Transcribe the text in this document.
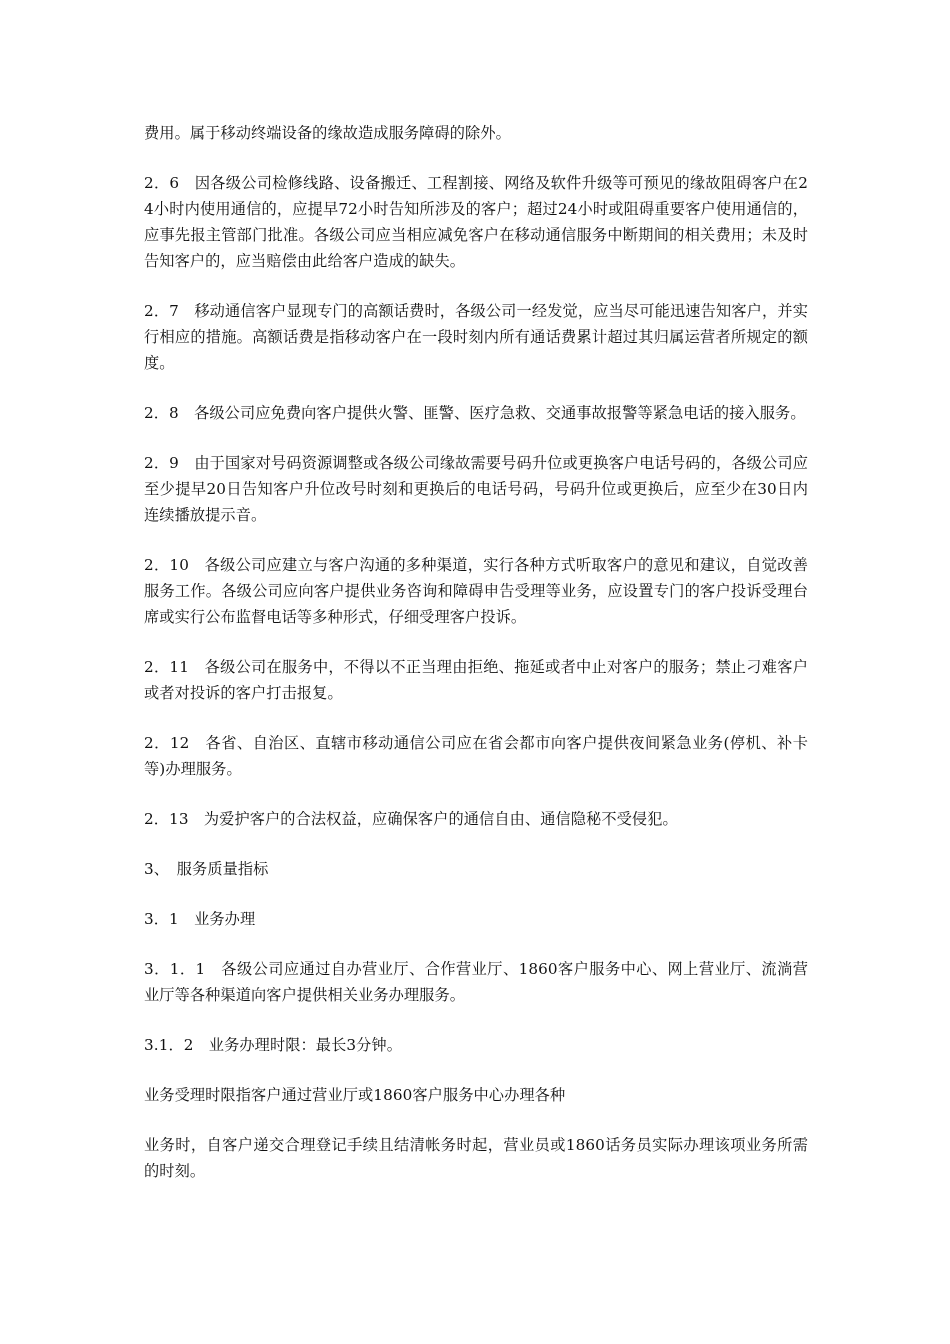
费用。属于移动终端设备的缘故造成服务障碍的除外。

2．6　因各级公司检修线路、设备搬迁、工程割接、网络及软件升级等可预见的缘故阻碍客户在24小时内使用通信的，应提早72小时告知所涉及的客户；超过24小时或阻碍重要客户使用通信的，应事先报主管部门批准。各级公司应当相应减免客户在移动通信服务中断期间的相关费用；未及时告知客户的，应当赔偿由此给客户造成的缺失。

2．7　移动通信客户显现专门的高额话费时，各级公司一经发觉，应当尽可能迅速告知客户，并实行相应的措施。高额话费是指移动客户在一段时刻内所有通话费累计超过其归属运营者所规定的额度。

2．8　各级公司应免费向客户提供火警、匪警、医疗急救、交通事故报警等紧急电话的接入服务。

2．9　由于国家对号码资源调整或各级公司缘故需要号码升位或更换客户电话号码的，各级公司应至少提早20日告知客户升位改号时刻和更换后的电话号码，号码升位或更换后，应至少在30日内连续播放提示音。

2．10　各级公司应建立与客户沟通的多种渠道，实行各种方式听取客户的意见和建议，自觉改善服务工作。各级公司应向客户提供业务咨询和障碍申告受理等业务，应设置专门的客户投诉受理台席或实行公布监督电话等多种形式，仔细受理客户投诉。

2．11　各级公司在服务中，不得以不正当理由拒绝、拖延或者中止对客户的服务；禁止刁难客户或者对投诉的客户打击报复。

2．12　各省、自治区、直辖市移动通信公司应在省会都市向客户提供夜间紧急业务(停机、补卡等)办理服务。

2．13　为爱护客户的合法权益，应确保客户的通信自由、通信隐秘不受侵犯。

3、　服务质量指标

3．1　业务办理

3．1．1　各级公司应通过自办营业厅、合作营业厅、1860客户服务中心、网上营业厅、流淌营业厅等各种渠道向客户提供相关业务办理服务。

3.1．2　业务办理时限：最长3分钟。

业务受理时限指客户通过营业厅或1860客户服务中心办理各种

业务时，自客户递交合理登记手续且结清帐务时起，营业员或1860话务员实际办理该项业务所需的时刻。
